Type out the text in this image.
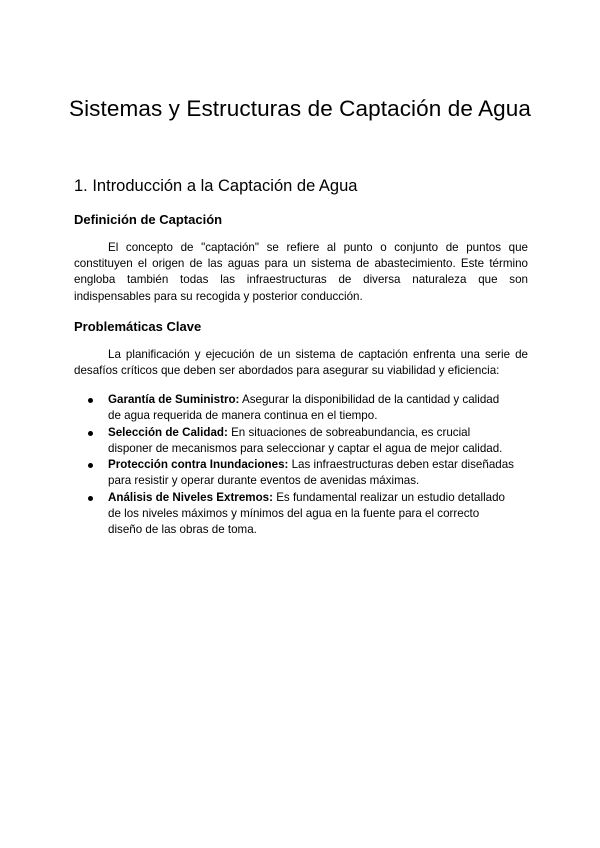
Sistemas y Estructuras de Captación de Agua
1. Introducción a la Captación de Agua
Definición de Captación

El concepto de "captación" se refiere al punto o conjunto de puntos que constituyen el origen de las aguas para un sistema de abastecimiento. Este término engloba también todas las infraestructuras de diversa naturaleza que son indispensables para su recogida y posterior conducción.

Problemáticas Clave

La planificación y ejecución de un sistema de captación enfrenta una serie de desafíos críticos que deben ser abordados para asegurar su viabilidad y eficiencia:

Garantía de Suministro: Asegurar la disponibilidad de la cantidad y calidad de agua requerida de manera continua en el tiempo.
Selección de Calidad: En situaciones de sobreabundancia, es crucial disponer de mecanismos para seleccionar y captar el agua de mejor calidad.
Protección contra Inundaciones: Las infraestructuras deben estar diseñadas para resistir y operar durante eventos de avenidas máximas.
Análisis de Niveles Extremos: Es fundamental realizar un estudio detallado de los niveles máximos y mínimos del agua en la fuente para el correcto diseño de las obras de toma.
